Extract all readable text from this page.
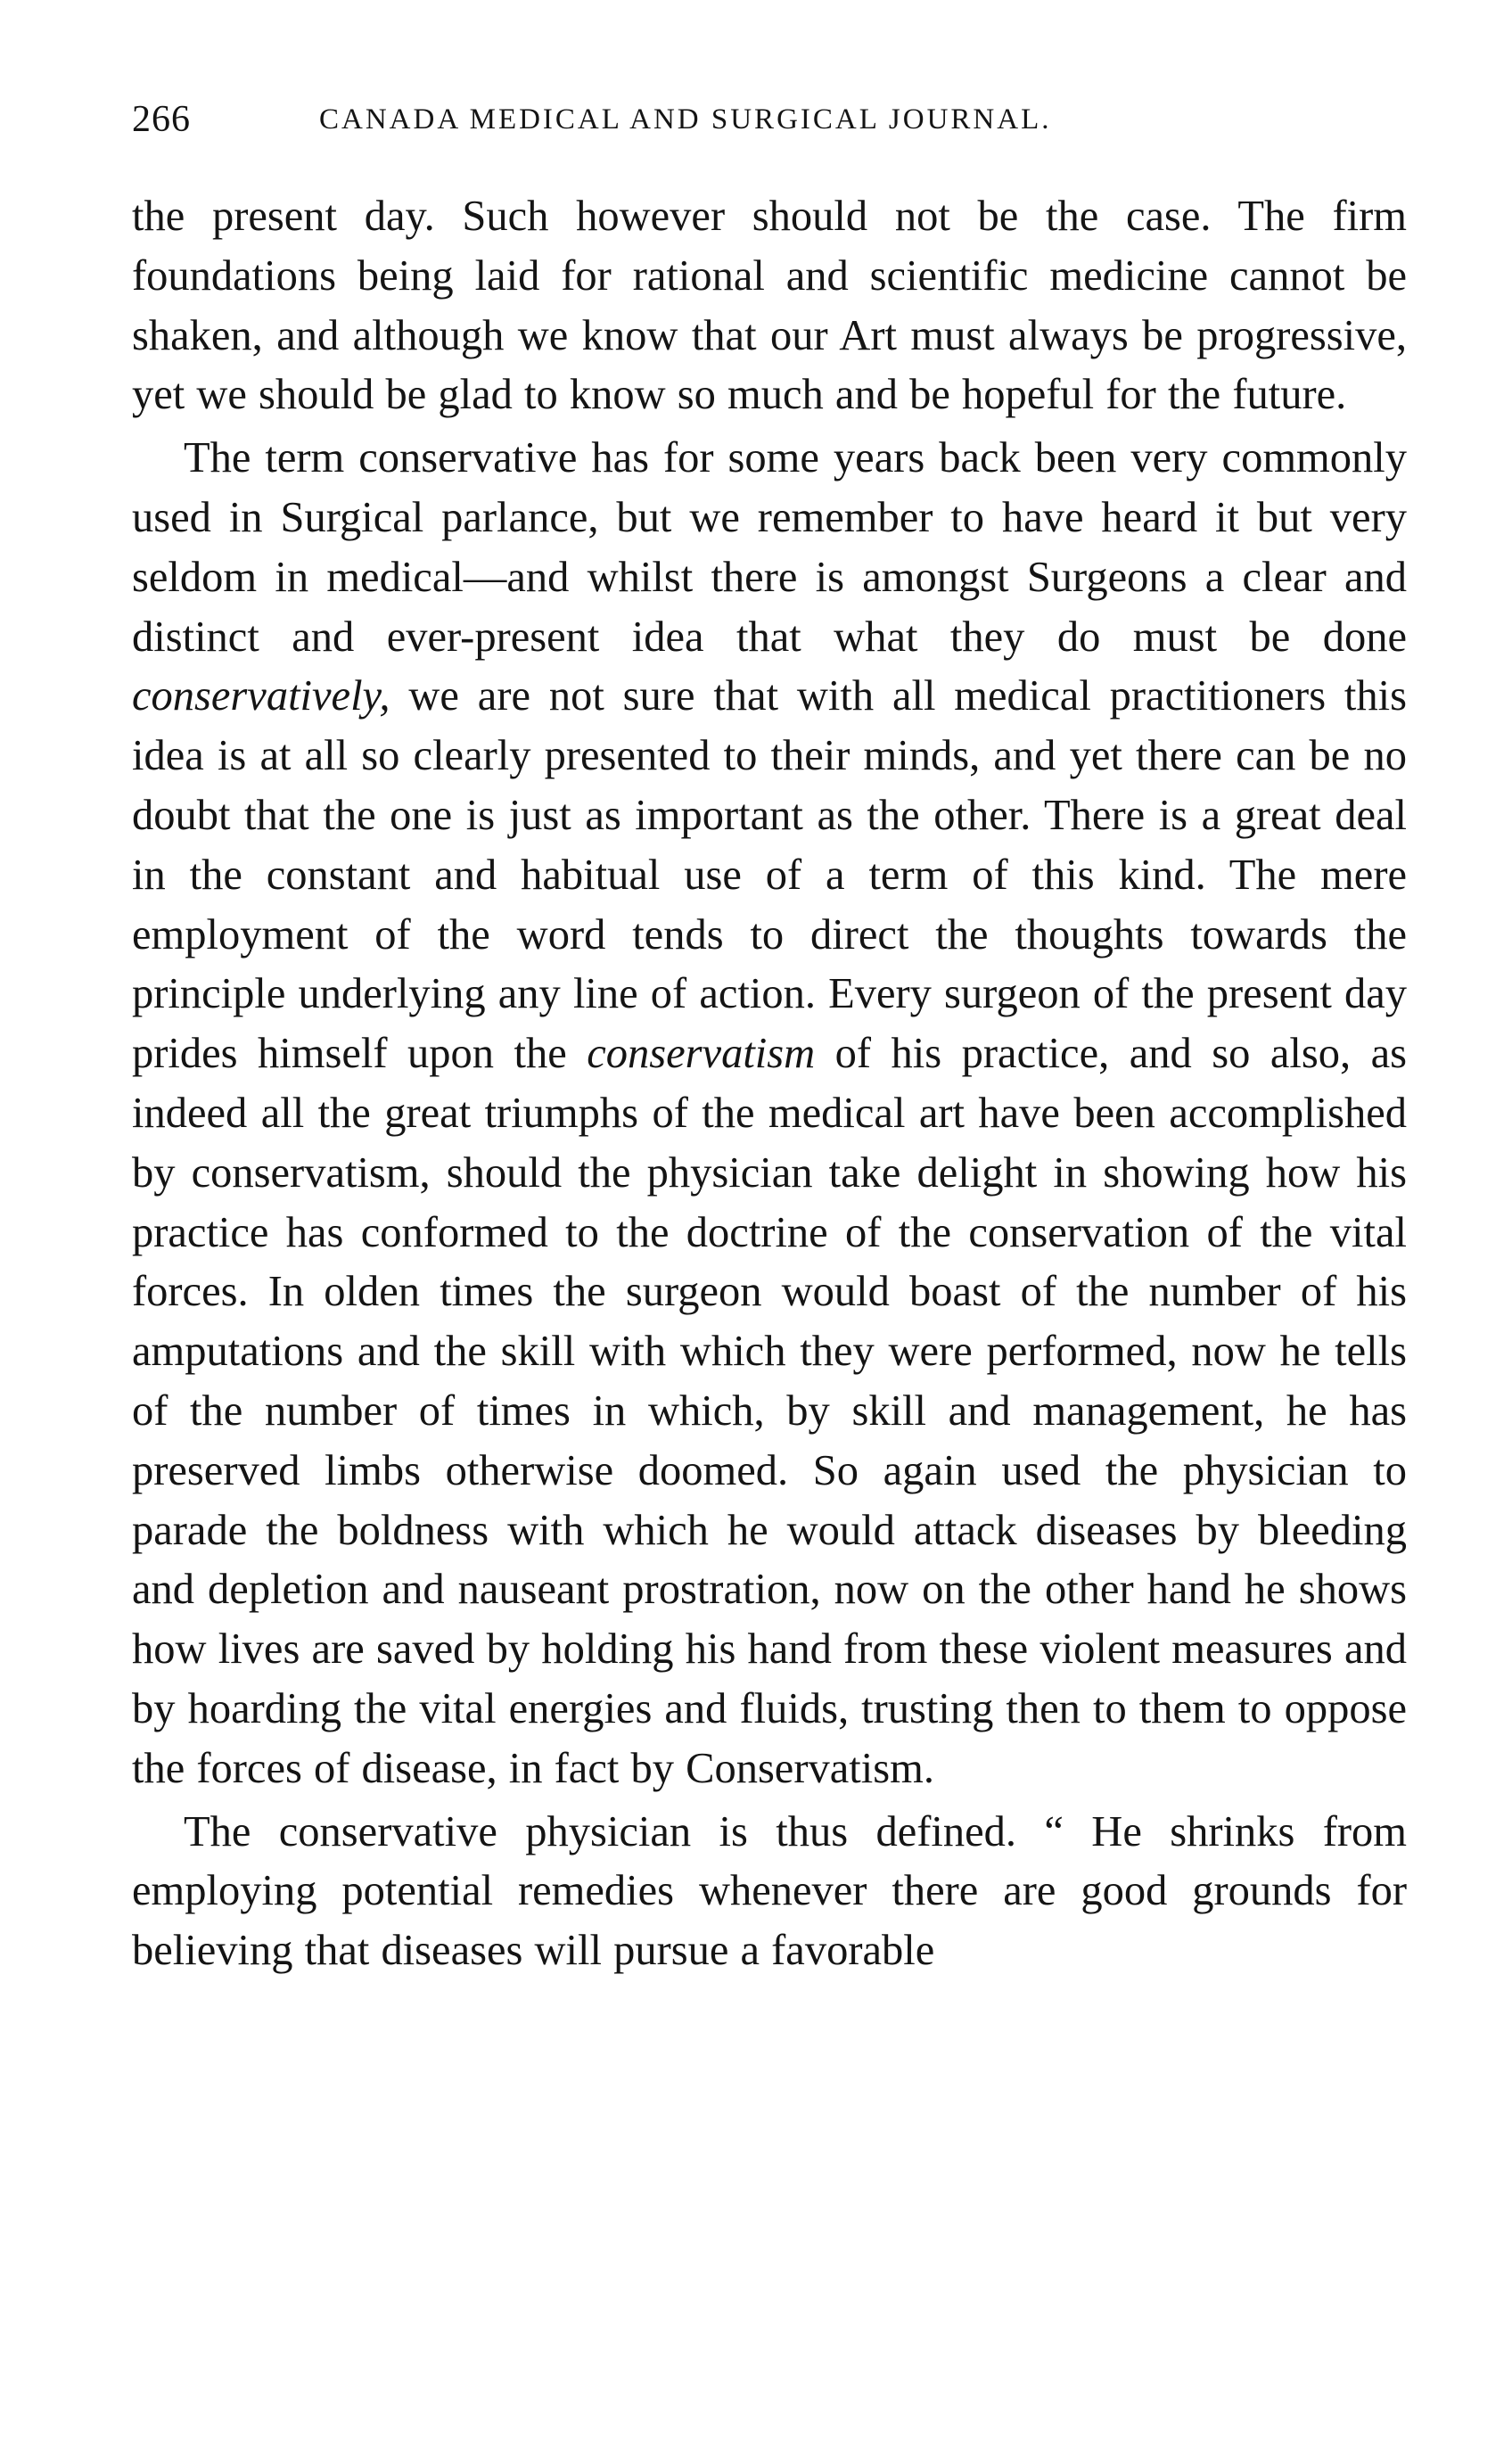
266	CANADA MEDICAL AND SURGICAL JOURNAL.

the present day. Such however should not be the case. The firm foundations being laid for rational and scientific medicine cannot be shaken, and although we know that our Art must always be progressive, yet we should be glad to know so much and be hopeful for the future.

The term conservative has for some years back been very commonly used in Surgical parlance, but we remember to have heard it but very seldom in medical—and whilst there is amongst Surgeons a clear and distinct and ever-present idea that what they do must be done conservatively, we are not sure that with all medical practitioners this idea is at all so clearly presented to their minds, and yet there can be no doubt that the one is just as important as the other. There is a great deal in the constant and habitual use of a term of this kind. The mere employment of the word tends to direct the thoughts towards the principle underlying any line of action. Every surgeon of the present day prides himself upon the conservatism of his practice, and so also, as indeed all the great triumphs of the medical art have been accomplished by conservatism, should the physician take delight in showing how his practice has conformed to the doctrine of the conservation of the vital forces. In olden times the surgeon would boast of the number of his amputations and the skill with which they were performed, now he tells of the number of times in which, by skill and management, he has preserved limbs otherwise doomed. So again used the physician to parade the boldness with which he would attack diseases by bleeding and depletion and nauseant prostration, now on the other hand he shows how lives are saved by holding his hand from these violent measures and by hoarding the vital energies and fluids, trusting then to them to oppose the forces of disease, in fact by Conservatism.

The conservative physician is thus defined. “ He shrinks from employing potential remedies whenever there are good grounds for believing that diseases will pursue a favorable
